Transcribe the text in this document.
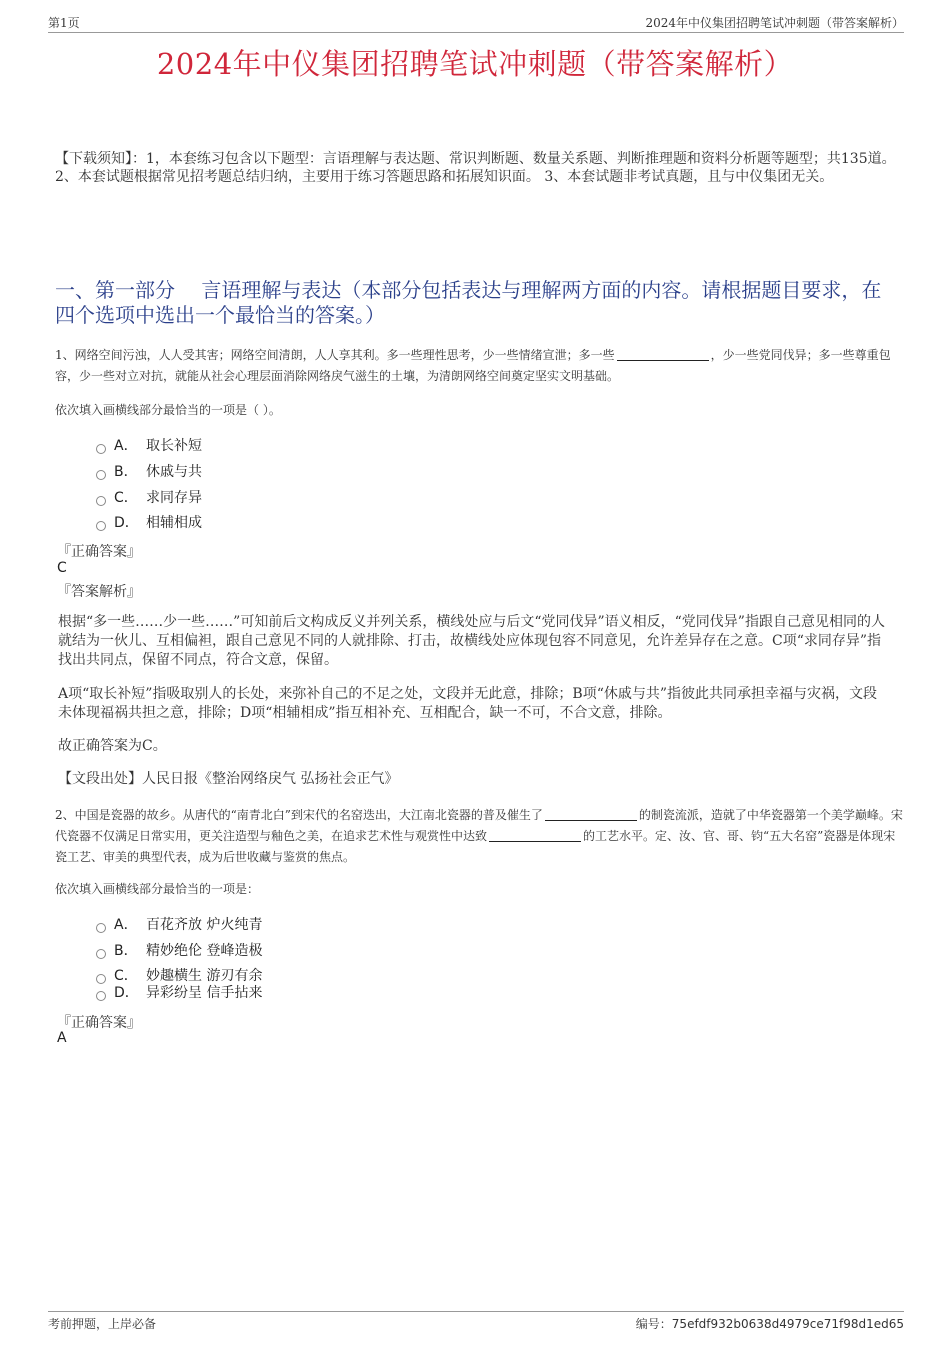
第1页	2024年中仪集团招聘笔试冲刺题（带答案解析）
2024年中仪集团招聘笔试冲刺题（带答案解析）
【下载须知】：1，本套练习包含以下题型：言语理解与表达题、常识判断题、数量关系题、判断推理题和资料分析题等题型；共135道。 2、本套试题根据常见招考题总结归纳，主要用于练习答题思路和拓展知识面。 3、本套试题非考试真题，且与中仪集团无关。
一、第一部分　 言语理解与表达（本部分包括表达与理解两方面的内容。请根据题目要求，在四个选项中选出一个最恰当的答案。）
1、网络空间污浊，人人受其害；网络空间清朗，人人享其利。多一些理性思考，少一些情绪宣泄；多一些	，少一些党同伐异；多一些尊重包容，少一些对立对抗，就能从社会心理层面消除网络戾气滋生的土壤，为清朗网络空间奠定坚实文明基础。
依次填入画横线部分最恰当的一项是（ ）。
A． 取长补短
B． 休戚与共
C． 求同存异
D． 相辅相成
『正确答案』
C
『答案解析』
根据“多一些……少一些……”可知前后文构成反义并列关系，横线处应与后文“党同伐异”语义相反，“党同伐异”指跟自己意见相同的人就结为一伙儿、互相偏袒，跟自己意见不同的人就排除、打击，故横线处应体现包容不同意见，允许差异存在之意。C项“求同存异”指找出共同点，保留不同点，符合文意，保留。
A项“取长补短”指吸取别人的长处，来弥补自己的不足之处，文段并无此意，排除；B项“休戚与共”指彼此共同承担幸福与灾祸，文段未体现福祸共担之意，排除；D项“相辅相成”指互相补充、互相配合，缺一不可，不合文意，排除。
故正确答案为C。
【文段出处】人民日报《整治网络戾气 弘扬社会正气》
2、中国是瓷器的故乡。从唐代的“南青北白”到宋代的名窑迭出，大江南北瓷器的普及催生了	的制瓷流派，造就了中华瓷器第一个美学巅峰。宋代瓷器不仅满足日常实用，更关注造型与釉色之美，在追求艺术性与观赏性中达致	的工艺水平。定、汝、官、哥、钧“五大名窑”瓷器是体现宋瓷工艺、审美的典型代表，成为后世收藏与鉴赏的焦点。
依次填入画横线部分最恰当的一项是：
A． 百花齐放 炉火纯青
B． 精妙绝伦 登峰造极
C． 妙趣横生 游刃有余
D． 异彩纷呈 信手拈来
『正确答案』
A
考前押题，上岸必备	编号：75efdf932b0638d4979ce71f98d1ed65
